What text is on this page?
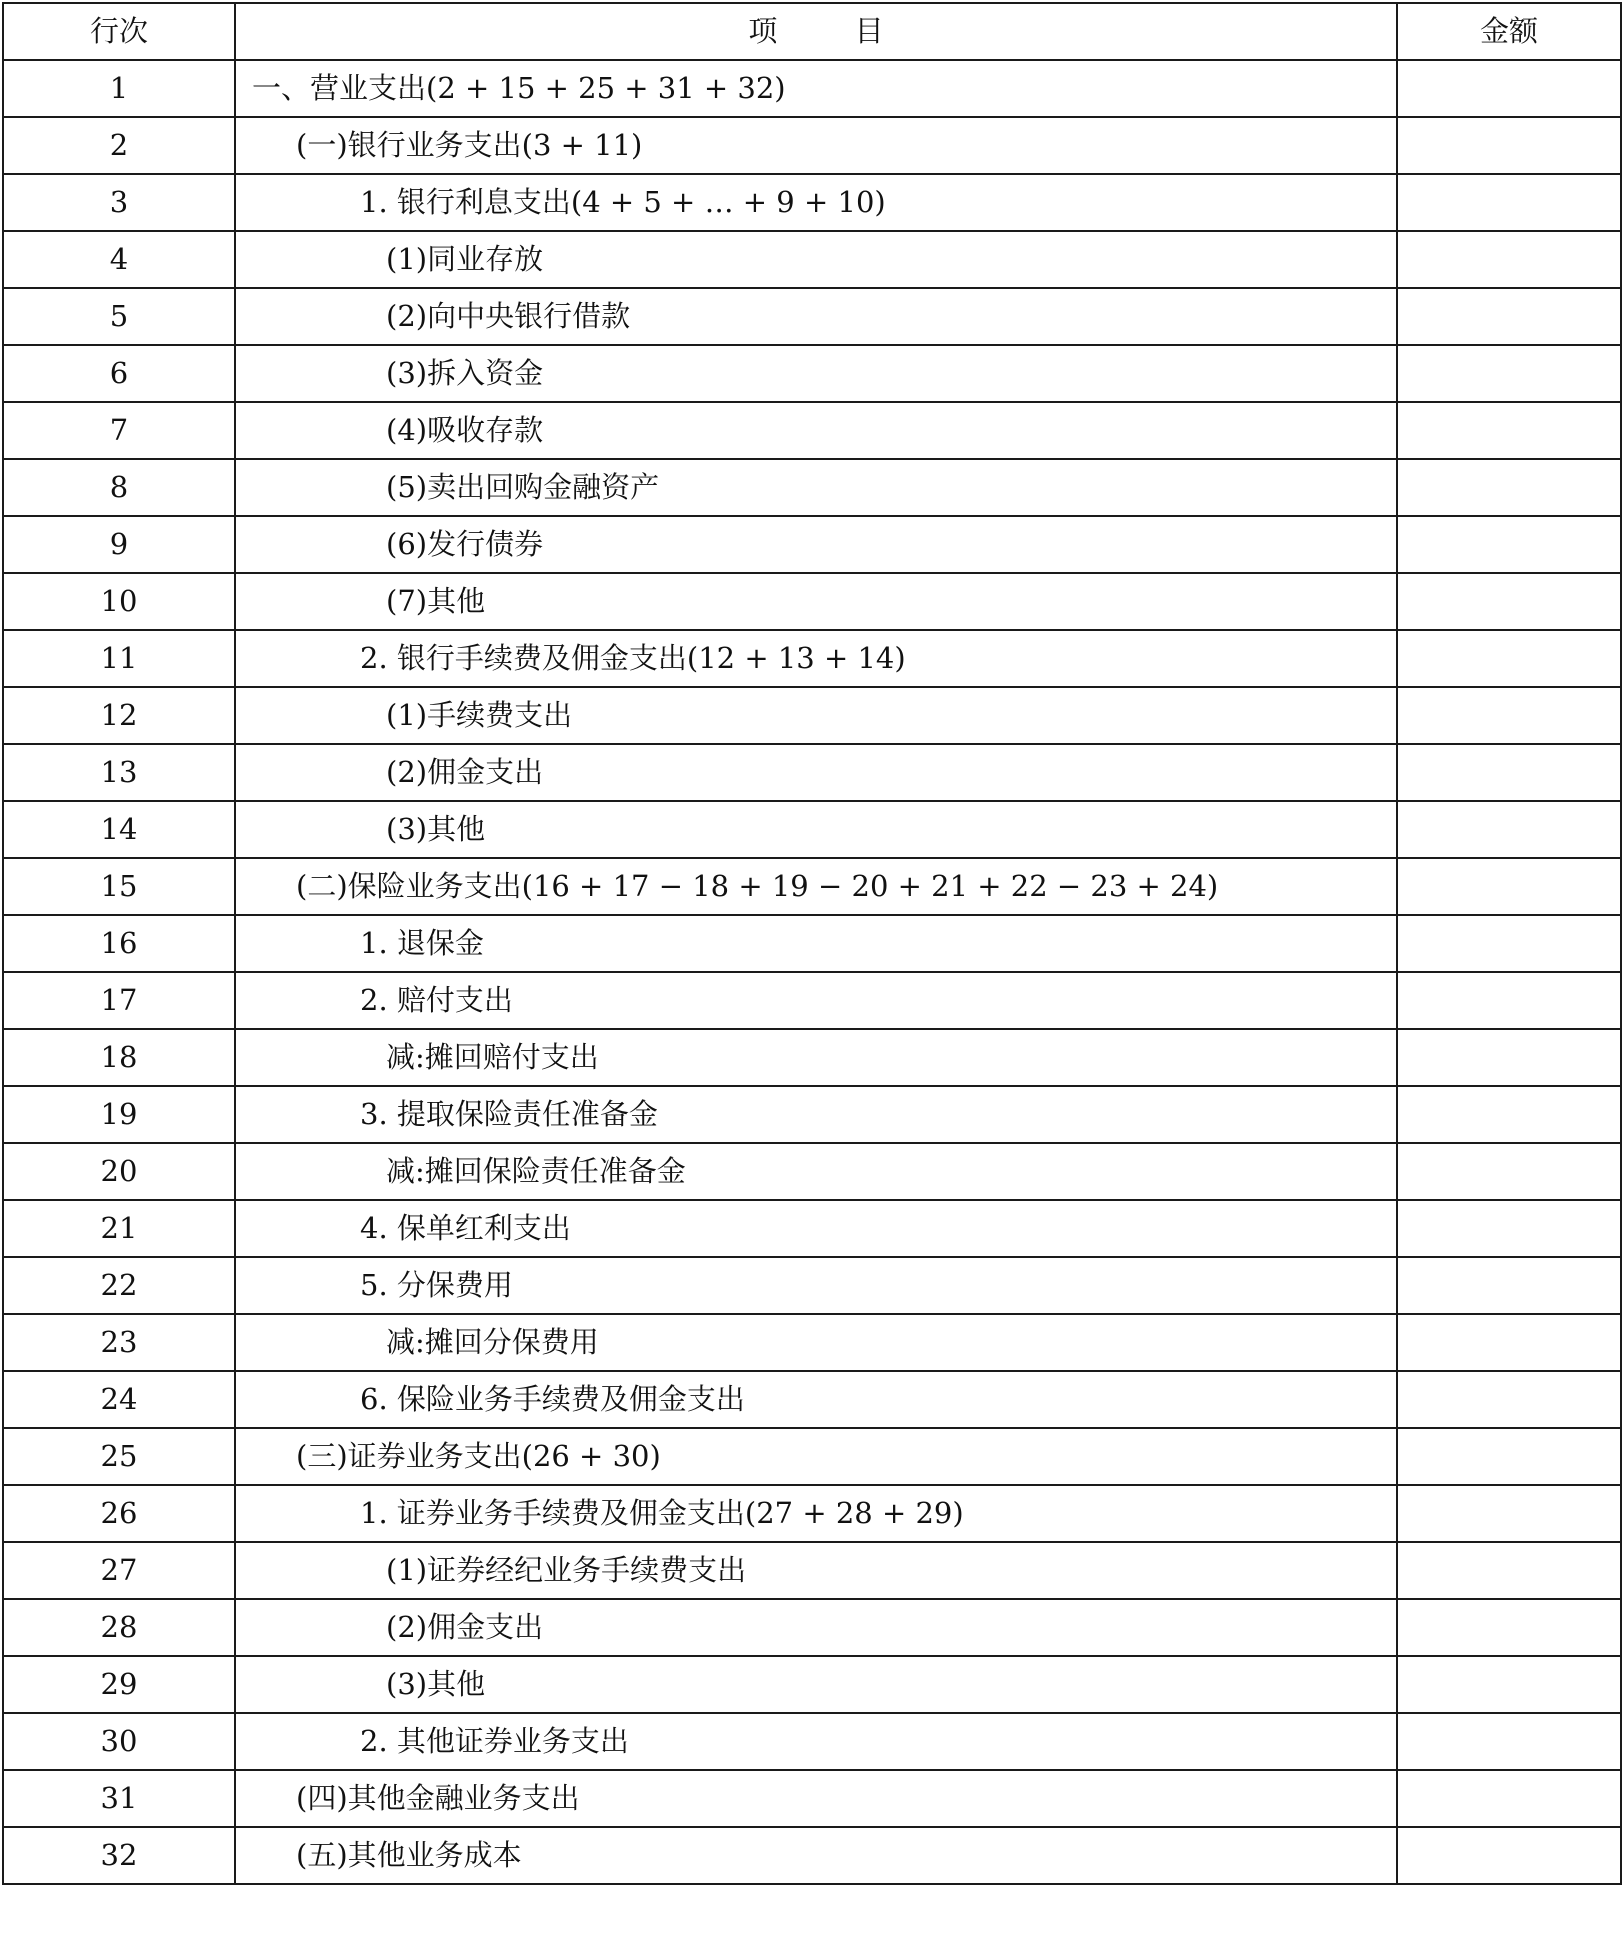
行次	项 目	金额
1	一、营业支出(2 + 15 + 25 + 31 + 32)	
2	(一)银行业务支出(3 + 11)	
3	1. 银行利息支出(4 + 5 + … + 9 + 10)	
4	(1)同业存放	
5	(2)向中央银行借款	
6	(3)拆入资金	
7	(4)吸收存款	
8	(5)卖出回购金融资产	
9	(6)发行债券	
10	(7)其他	
11	2. 银行手续费及佣金支出(12 + 13 + 14)	
12	(1)手续费支出	
13	(2)佣金支出	
14	(3)其他	
15	(二)保险业务支出(16 + 17 − 18 + 19 − 20 + 21 + 22 − 23 + 24)	
16	1. 退保金	
17	2. 赔付支出	
18	减:摊回赔付支出	
19	3. 提取保险责任准备金	
20	减:摊回保险责任准备金	
21	4. 保单红利支出	
22	5. 分保费用	
23	减:摊回分保费用	
24	6. 保险业务手续费及佣金支出	
25	(三)证券业务支出(26 + 30)	
26	1. 证券业务手续费及佣金支出(27 + 28 + 29)	
27	(1)证券经纪业务手续费支出	
28	(2)佣金支出	
29	(3)其他	
30	2. 其他证券业务支出	
31	(四)其他金融业务支出	
32	(五)其他业务成本	
